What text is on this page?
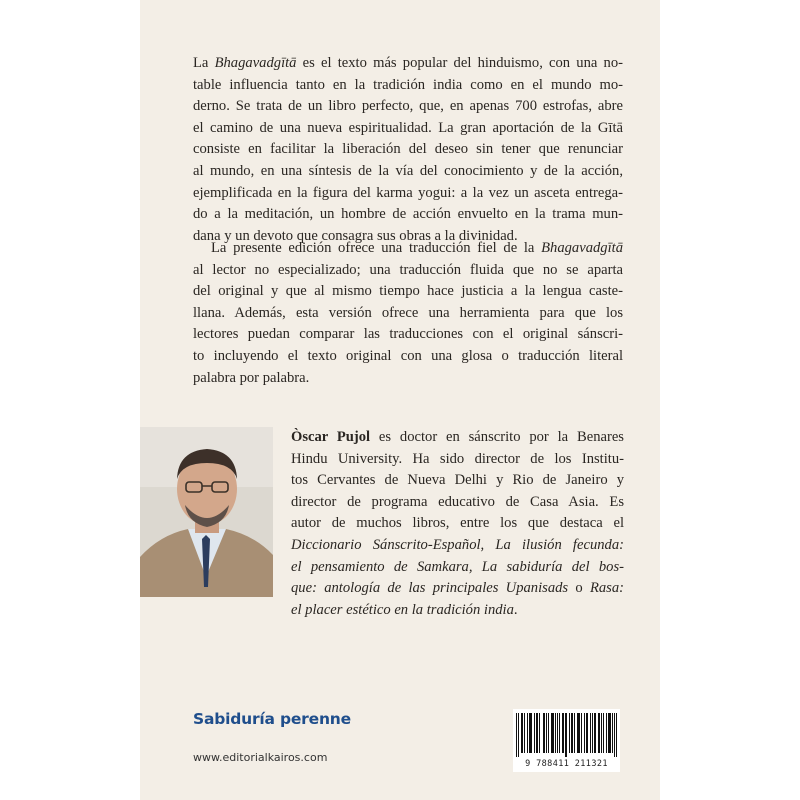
La Bhagavadgītā es el texto más popular del hinduismo, con una no-
table influencia tanto en la tradición india como en el mundo mo-
derno. Se trata de un libro perfecto, que, en apenas 700 estrofas, abre
el camino de una nueva espiritualidad. La gran aportación de la Gītā
consiste en facilitar la liberación del deseo sin tener que renunciar
al mundo, en una síntesis de la vía del conocimiento y de la acción,
ejemplificada en la figura del karma yogui: a la vez un asceta entrega-
do a la meditación, un hombre de acción envuelto en la trama mun-
dana y un devoto que consagra sus obras a la divinidad.

La presente edición ofrece una traducción fiel de la Bhagavadgītā
al lector no especializado; una traducción fluida que no se aparta
del original y que al mismo tiempo hace justicia a la lengua caste-
llana. Además, esta versión ofrece una herramienta para que los
lectores puedan comparar las traducciones con el original sánscri-
to incluyendo el texto original con una glosa o traducción literal
palabra por palabra.

Òscar Pujol es doctor en sánscrito por la Benares
Hindu University. Ha sido director de los Institu-
tos Cervantes de Nueva Delhi y Rio de Janeiro y
director de programa educativo de Casa Asia. Es
autor de muchos libros, entre los que destaca el
Diccionario Sánscrito-Español, La ilusión fecunda:
el pensamiento de Samkara, La sabiduría del bos-
que: antología de las principales Upanisads o Rasa:
el placer estético en la tradición india.

Sabiduría perenne
www.editorialkairos.com	9 788411 211321
